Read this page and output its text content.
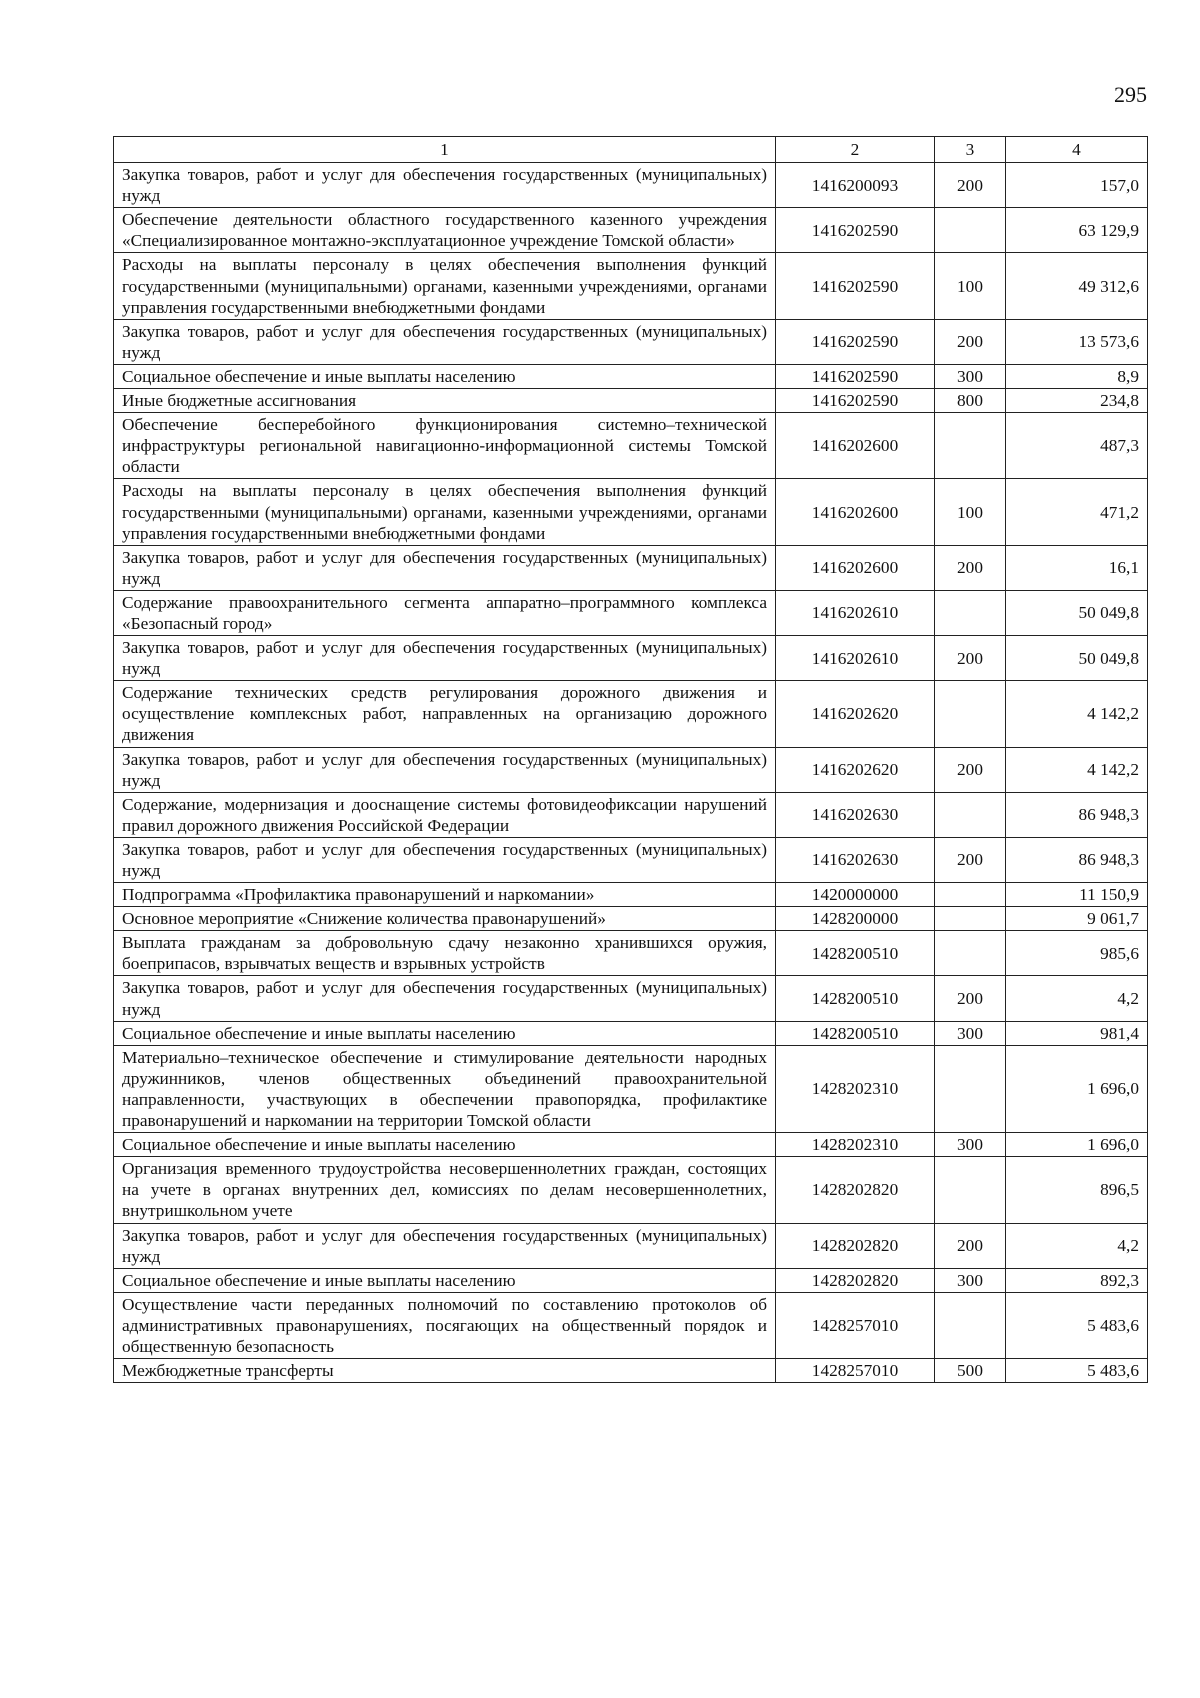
295
1	2	3	4
Закупка товаров, работ и услуг для обеспечения государственных (муниципальных) нужд	1416200093	200	157,0
Обеспечение деятельности областного государственного казенного учреждения «Специализированное монтажно-эксплуатационное учреждение Томской области»	1416202590		63 129,9
Расходы на выплаты персоналу в целях обеспечения выполнения функций государственными (муниципальными) органами, казенными учреждениями, органами управления государственными внебюджетными фондами	1416202590	100	49 312,6
Закупка товаров, работ и услуг для обеспечения государственных (муниципальных) нужд	1416202590	200	13 573,6
Социальное обеспечение и иные выплаты населению	1416202590	300	8,9
Иные бюджетные ассигнования	1416202590	800	234,8
Обеспечение бесперебойного функционирования системно–технической инфраструктуры региональной навигационно-информационной системы Томской области	1416202600		487,3
Расходы на выплаты персоналу в целях обеспечения выполнения функций государственными (муниципальными) органами, казенными учреждениями, органами управления государственными внебюджетными фондами	1416202600	100	471,2
Закупка товаров, работ и услуг для обеспечения государственных (муниципальных) нужд	1416202600	200	16,1
Содержание правоохранительного сегмента аппаратно–программного комплекса «Безопасный город»	1416202610		50 049,8
Закупка товаров, работ и услуг для обеспечения государственных (муниципальных) нужд	1416202610	200	50 049,8
Содержание технических средств регулирования дорожного движения и осуществление комплексных работ, направленных на организацию дорожного движения	1416202620		4 142,2
Закупка товаров, работ и услуг для обеспечения государственных (муниципальных) нужд	1416202620	200	4 142,2
Содержание, модернизация и дооснащение системы фотовидеофиксации нарушений правил дорожного движения Российской Федерации	1416202630		86 948,3
Закупка товаров, работ и услуг для обеспечения государственных (муниципальных) нужд	1416202630	200	86 948,3
Подпрограмма «Профилактика правонарушений и наркомании»	1420000000		11 150,9
Основное мероприятие «Снижение количества правонарушений»	1428200000		9 061,7
Выплата гражданам за добровольную сдачу незаконно хранившихся оружия, боеприпасов, взрывчатых веществ и взрывных устройств	1428200510		985,6
Закупка товаров, работ и услуг для обеспечения государственных (муниципальных) нужд	1428200510	200	4,2
Социальное обеспечение и иные выплаты населению	1428200510	300	981,4
Материально–техническое обеспечение и стимулирование деятельности народных дружинников, членов общественных объединений правоохранительной направленности, участвующих в обеспечении правопорядка, профилактике правонарушений и наркомании на территории Томской области	1428202310		1 696,0
Социальное обеспечение и иные выплаты населению	1428202310	300	1 696,0
Организация временного трудоустройства несовершеннолетних граждан, состоящих на учете в органах внутренних дел, комиссиях по делам несовершеннолетних, внутришкольном учете	1428202820		896,5
Закупка товаров, работ и услуг для обеспечения государственных (муниципальных) нужд	1428202820	200	4,2
Социальное обеспечение и иные выплаты населению	1428202820	300	892,3
Осуществление части переданных полномочий по составлению протоколов об административных правонарушениях, посягающих на общественный порядок и общественную безопасность	1428257010		5 483,6
Межбюджетные трансферты	1428257010	500	5 483,6
